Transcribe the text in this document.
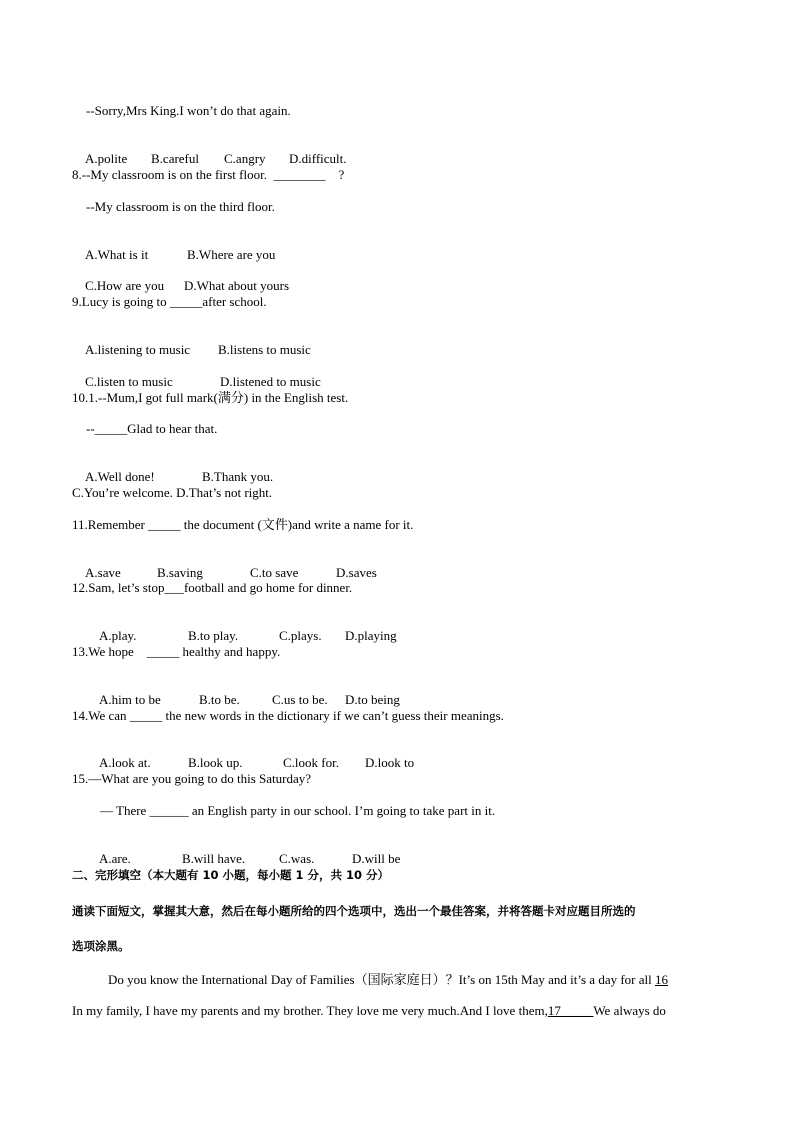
--Sorry,Mrs King.I won’t do that again.

A.polite B.careful C.angry D.difficult.

8.--My classroom is on the first floor.  ________    ?
--My classroom is on the third floor.

A.What is it	B.Where are you

C.How are you D.What about yours

9.Lucy is going to _____after school.

A.listening to music B.listens to music

C.listen to music	D.listened to music

10.1.--Mum,I got full mark(满分) in the English test.
--_____Glad to hear that.

A.Well done!	B.Thank you.

C.You’re welcome. D.That’s not right.
11.Remember _____ the document (文件)and write a name for it.

A.save	B.saving	C.to save	D.saves

12.Sam, let’s stop___football and go home for dinner.

A.play.	B.to play.	C.plays. D.playing

13.We hope    _____ healthy and happy.

A.him to be	B.to be. C.us to be. D.to being

14.We can _____ the new words in the dictionary if we can’t guess their meanings.

A.look at.	B.look up.	C.look for. D.look to

15.—What are you going to do this Saturday?
— There ______ an English party in our school. I’m going to take part in it.

A.are.	B.will have.	C.was.	D.will be

二、完形填空（本大题有 10 小题，每小题 1 分，共 10 分）
通读下面短文，掌握其大意，然后在每小题所给的四个选项中，选出一个最佳答案，并将答题卡对应题目所选的
选项涂黑。
Do you know the International Day of Families（国际家庭日）？It’s on 15th May and it’s a day for all 16
In my family, I have my parents and my brother. They love me very much.And I love them,17_____We always do
